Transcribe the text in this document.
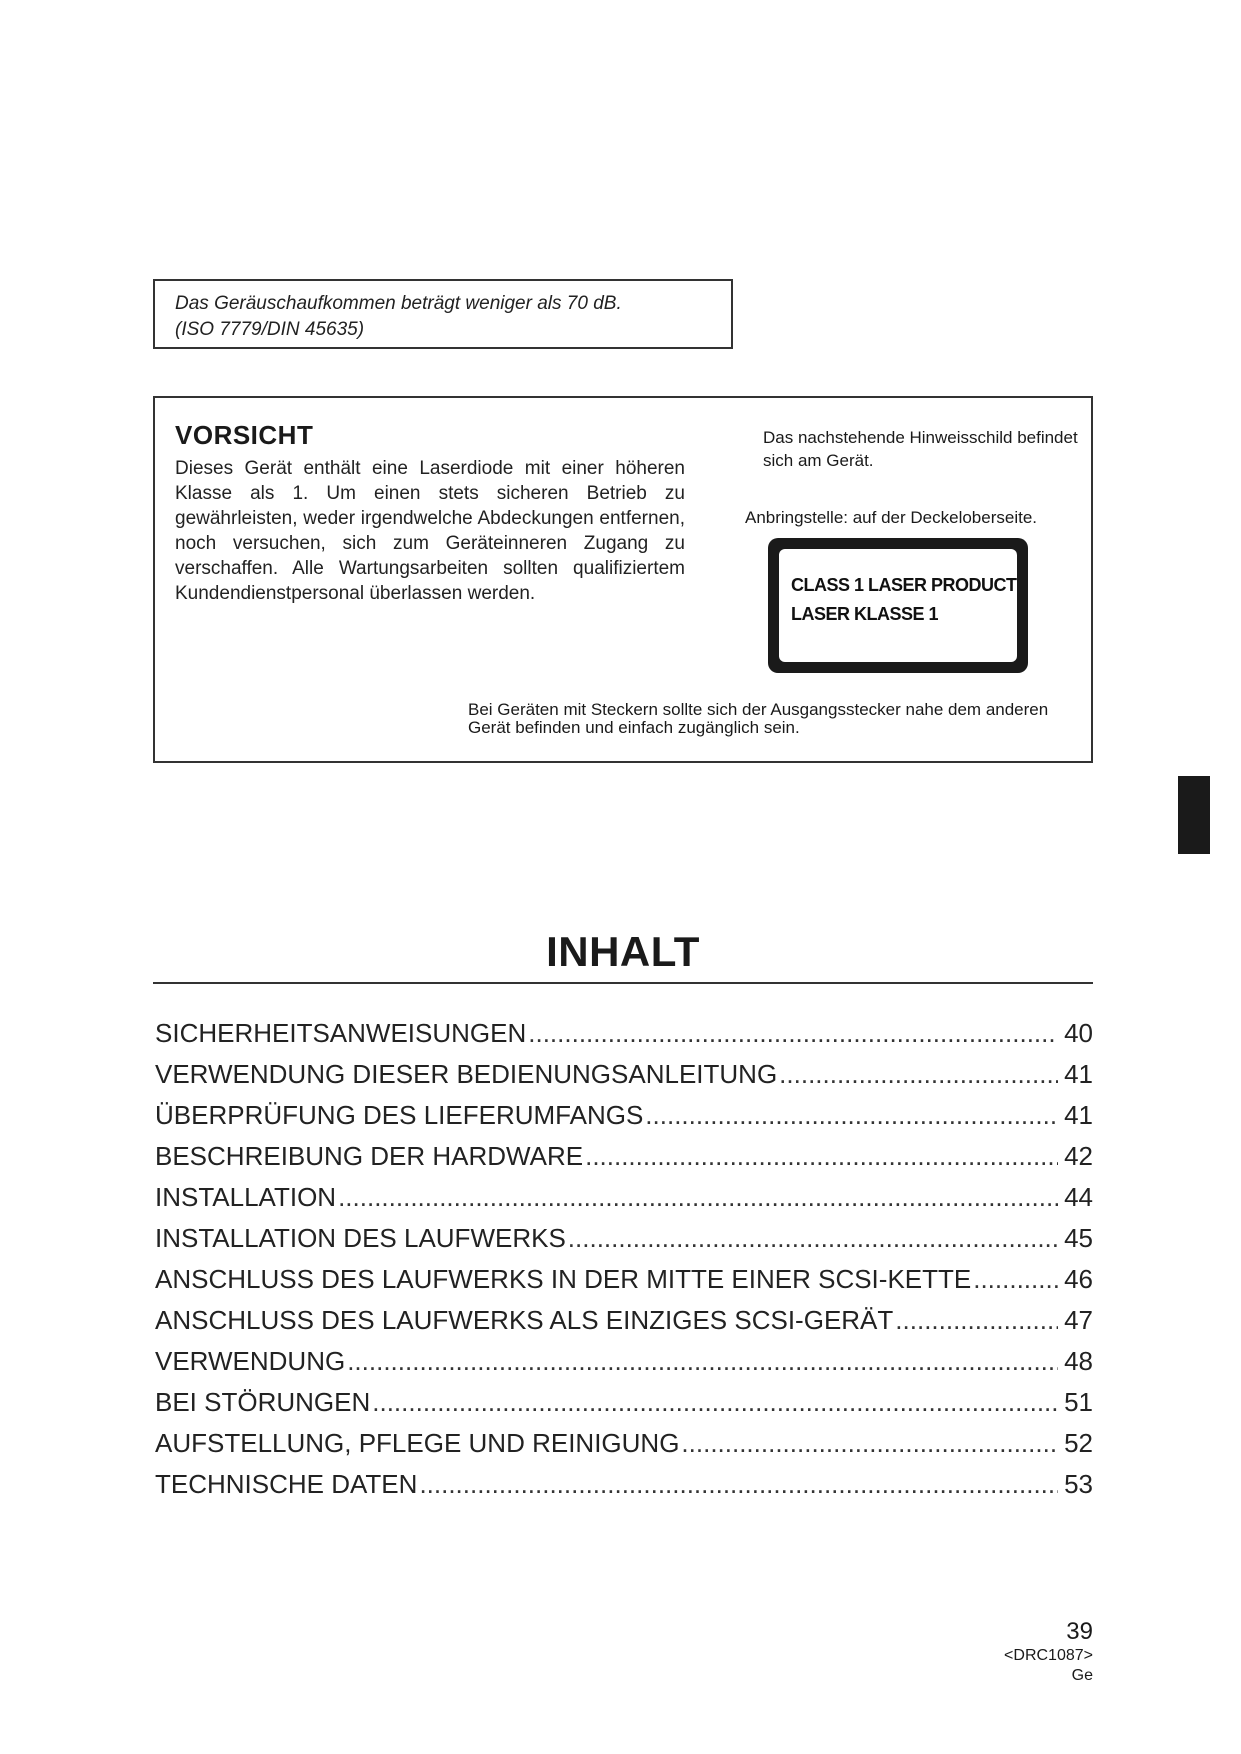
Das Geräuschaufkommen beträgt weniger als 70 dB.
(ISO 7779/DIN 45635)
VORSICHT
Dieses Gerät enthält eine Laserdiode mit einer höheren Klasse als 1. Um einen stets sicheren Betrieb zu gewährleisten, weder irgendwelche Abdeckungen entfernen, noch versuchen, sich zum Geräteinneren Zugang zu verschaffen. Alle Wartungsarbeiten sollten qualifiziertem Kundendienstpersonal überlassen werden.
Das nachstehende Hinweisschild befindet sich am Gerät.
Anbringstelle: auf der Deckeloberseite.
CLASS 1 LASER PRODUCT
LASER KLASSE 1
Bei Geräten mit Steckern sollte sich der Ausgangsstecker nahe dem anderen Gerät befinden und einfach zugänglich sein.
INHALT
SICHERHEITSANWEISUNGEN .....	40
VERWENDUNG DIESER BEDIENUNGSANLEITUNG .....	41
ÜBERPRÜFUNG DES LIEFERUMFANGS .....	41
BESCHREIBUNG DER HARDWARE .....	42
INSTALLATION .....	44
INSTALLATION DES LAUFWERKS .....	45
ANSCHLUSS DES LAUFWERKS IN DER MITTE EINER SCSI-KETTE .....	46
ANSCHLUSS DES LAUFWERKS ALS EINZIGES SCSI-GERÄT .....	47
VERWENDUNG .....	48
BEI STÖRUNGEN .....	51
AUFSTELLUNG, PFLEGE UND REINIGUNG .....	52
TECHNISCHE DATEN .....	53
39
<DRC1087>
Ge
